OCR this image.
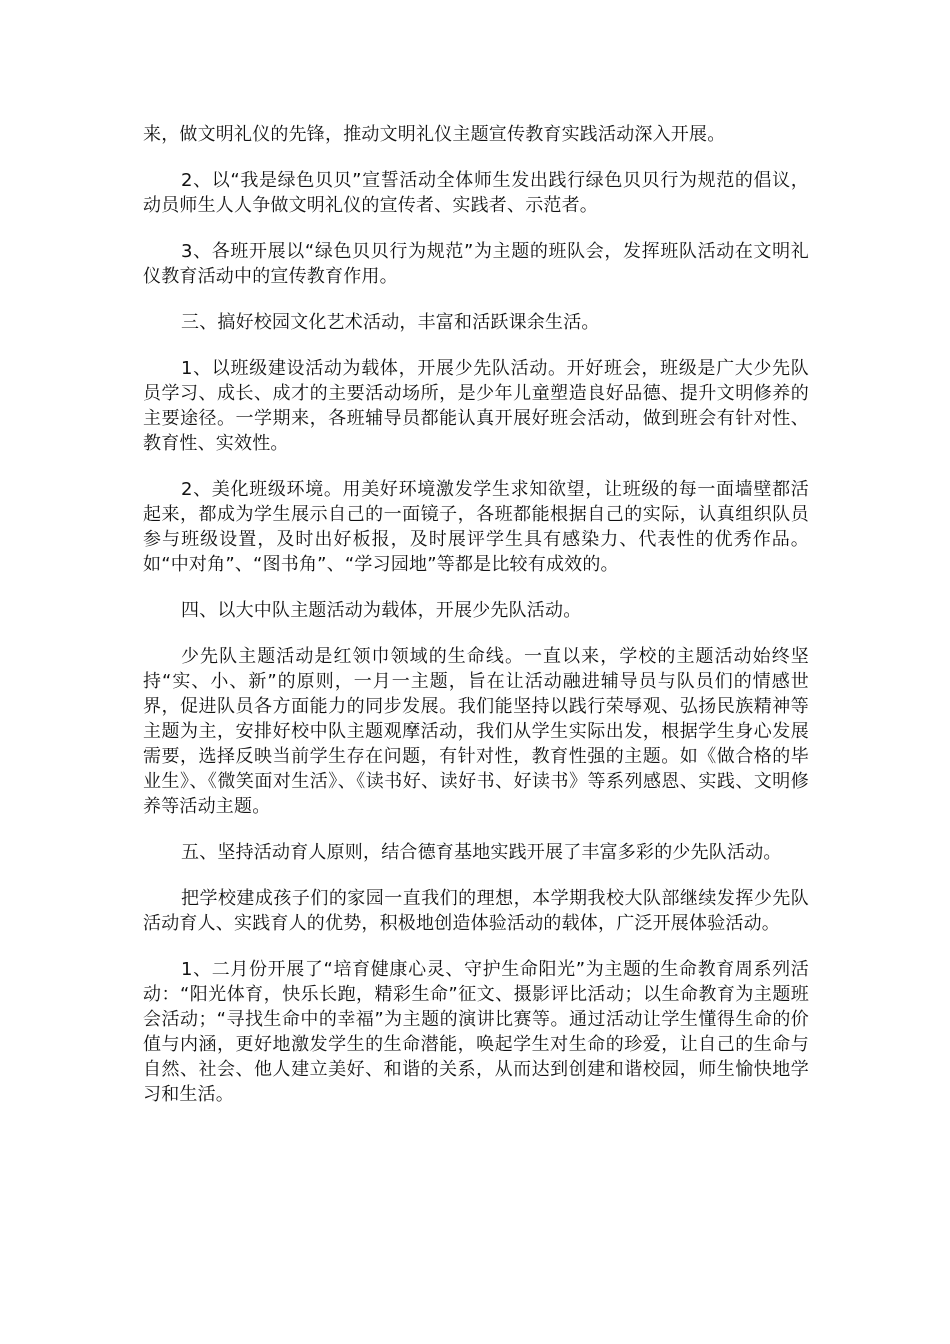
来，做文明礼仪的先锋，推动文明礼仪主题宣传教育实践活动深入开展。

2、以“我是绿色贝贝”宣誓活动全体师生发出践行绿色贝贝行为规范的倡议，动员师生人人争做文明礼仪的宣传者、实践者、示范者。

3、各班开展以“绿色贝贝行为规范”为主题的班队会，发挥班队活动在文明礼仪教育活动中的宣传教育作用。

三、搞好校园文化艺术活动，丰富和活跃课余生活。

1、以班级建设活动为载体，开展少先队活动。开好班会，班级是广大少先队员学习、成长、成才的主要活动场所，是少年儿童塑造良好品德、提升文明修养的主要途径。一学期来，各班辅导员都能认真开展好班会活动，做到班会有针对性、教育性、实效性。

2、美化班级环境。用美好环境激发学生求知欲望，让班级的每一面墙壁都活起来，都成为学生展示自己的一面镜子，各班都能根据自己的实际，认真组织队员参与班级设置，及时出好板报，及时展评学生具有感染力、代表性的优秀作品。如“中对角”、“图书角”、“学习园地”等都是比较有成效的。

四、以大中队主题活动为载体，开展少先队活动。

少先队主题活动是红领巾领域的生命线。一直以来，学校的主题活动始终坚持“实、小、新”的原则，一月一主题，旨在让活动融进辅导员与队员们的情感世界，促进队员各方面能力的同步发展。我们能坚持以践行荣辱观、弘扬民族精神等主题为主，安排好校中队主题观摩活动，我们从学生实际出发，根据学生身心发展需要，选择反映当前学生存在问题，有针对性，教育性强的主题。如《做合格的毕业生》、《微笑面对生活》、《读书好、读好书、好读书》等系列感恩、实践、文明修养等活动主题。

五、坚持活动育人原则，结合德育基地实践开展了丰富多彩的少先队活动。

把学校建成孩子们的家园一直我们的理想，本学期我校大队部继续发挥少先队活动育人、实践育人的优势，积极地创造体验活动的载体，广泛开展体验活动。

1、二月份开展了“培育健康心灵、守护生命阳光”为主题的生命教育周系列活动：“阳光体育，快乐长跑，精彩生命”征文、摄影评比活动；以生命教育为主题班会活动；“寻找生命中的幸福”为主题的演讲比赛等。通过活动让学生懂得生命的价值与内涵，更好地激发学生的生命潜能，唤起学生对生命的珍爱，让自己的生命与自然、社会、他人建立美好、和谐的关系，从而达到创建和谐校园，师生愉快地学习和生活。
